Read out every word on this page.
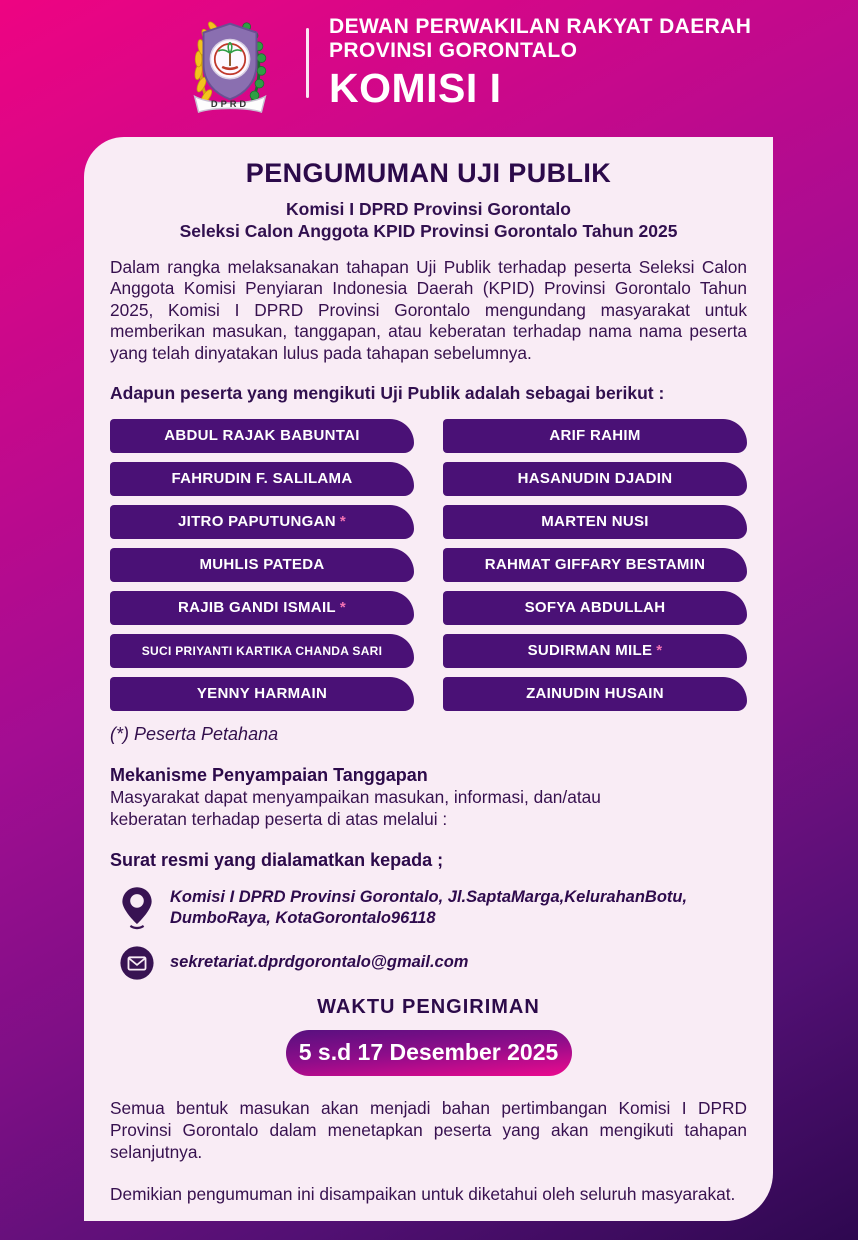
DPRD
DEWAN PERWAKILAN RAKYAT DAERAH
PROVINSI GORONTALO
KOMISI I
PENGUMUMAN UJI PUBLIK
Komisi I DPRD Provinsi Gorontalo
Seleksi Calon Anggota KPID Provinsi Gorontalo Tahun 2025
Dalam rangka melaksanakan tahapan Uji Publik terhadap peserta Seleksi Calon Anggota Komisi Penyiaran Indonesia Daerah (KPID) Provinsi Gorontalo Tahun 2025, Komisi I DPRD Provinsi Gorontalo mengundang masyarakat untuk memberikan masukan, tanggapan, atau keberatan terhadap nama nama peserta yang telah dinyatakan lulus pada tahapan sebelumnya.
Adapun peserta yang mengikuti Uji Publik adalah sebagai berikut :
ABDUL RAJAK BABUNTAI	ARIF RAHIM
FAHRUDIN F. SALILAMA	HASANUDIN DJADIN
JITRO PAPUTUNGAN *	MARTEN NUSI
MUHLIS PATEDA	RAHMAT GIFFARY BESTAMIN
RAJIB GANDI ISMAIL *	SOFYA ABDULLAH
SUCI PRIYANTI KARTIKA CHANDA SARI	SUDIRMAN MILE *
YENNY HARMAIN	ZAINUDIN HUSAIN
(*) Peserta Petahana
Mekanisme Penyampaian Tanggapan
Masyarakat dapat menyampaikan masukan, informasi, dan/atau keberatan terhadap peserta di atas melalui :
Surat resmi yang dialamatkan kepada ;
Komisi I DPRD Provinsi Gorontalo, Jl.SaptaMarga,KelurahanBotu, DumboRaya, KotaGorontalo96118
sekretariat.dprdgorontalo@gmail.com
WAKTU PENGIRIMAN
5 s.d 17 Desember 2025
Semua bentuk masukan akan menjadi bahan pertimbangan Komisi I DPRD Provinsi Gorontalo dalam menetapkan peserta yang akan mengikuti tahapan selanjutnya.
Demikian pengumuman ini disampaikan untuk diketahui oleh seluruh masyarakat.
